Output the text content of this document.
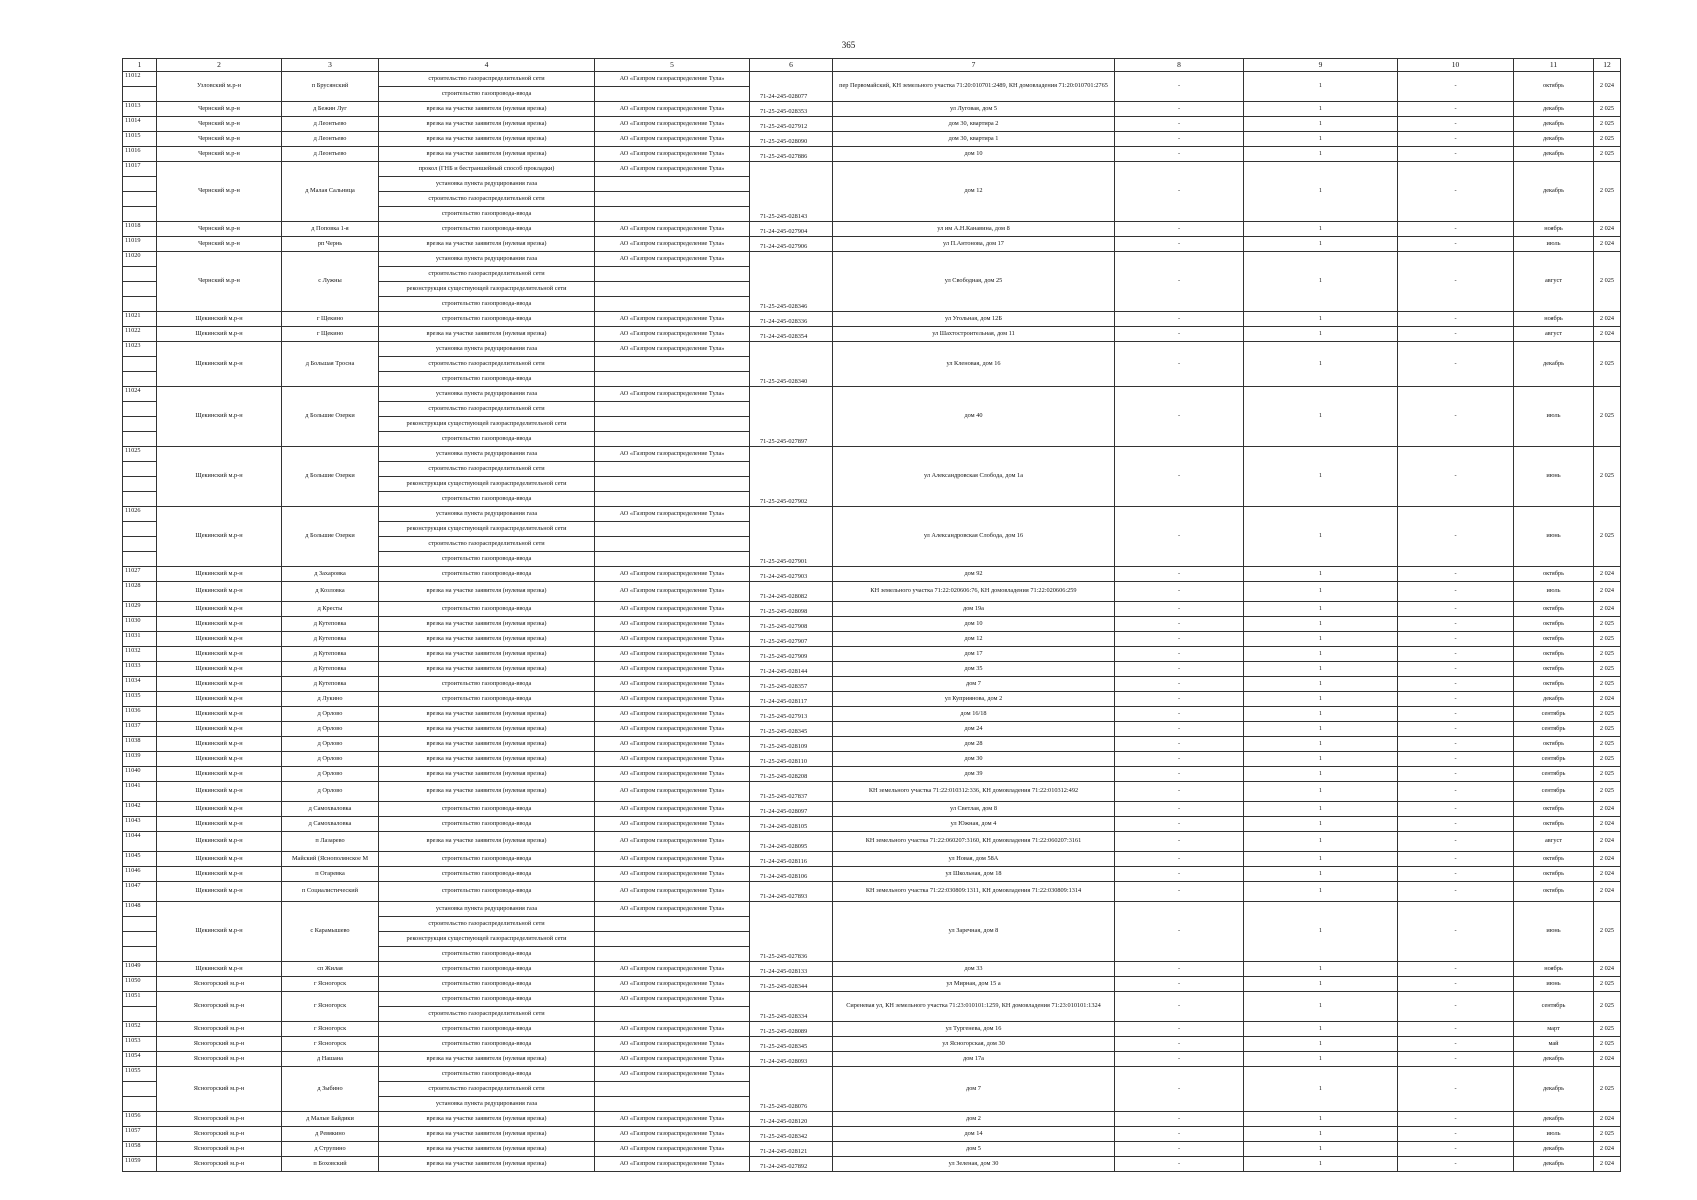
365
1	2	3	4	5	6	7	8	9	10	11	12
11012	Узловский м.р-н	п Брусянский	строительство газораспределительной сети	АО «Газпром газораспределение Тула»	71-24-245-028077	пер Первомайский, КН земельного участка 71:20:010701:2489, КН домовладения 71:20:010701:2765	-	1	-	октябрь	2 024
			строительство газопровода-ввода								
11013	Чернский м.р-н	д Бежин Луг	врезка на участке заявителя (нулевая врезка)	АО «Газпром газораспределение Тула»	71-25-245-028353	ул Луговая, дом 5	-	1	-	декабрь	2 025
11014	Чернский м.р-н	д Леонтьево	врезка на участке заявителя (нулевая врезка)	АО «Газпром газораспределение Тула»	71-25-245-027912	дом 30, квартира 2	-	1	-	декабрь	2 025
11015	Чернский м.р-н	д Леонтьево	врезка на участке заявителя (нулевая врезка)	АО «Газпром газораспределение Тула»	71-25-245-028090	дом 30, квартира 1	-	1	-	декабрь	2 025
11016	Чернский м.р-н	д Леонтьево	врезка на участке заявителя (нулевая врезка)	АО «Газпром газораспределение Тула»	71-25-245-027886	дом 10	-	1	-	декабрь	2 025
11017	Чернский м.р-н	д Малая Сальница	прокол (ГНБ и бестраншейный способ прокладки)	АО «Газпром газораспределение Тула»	71-25-245-028143	дом 12	-	1	-	декабрь	2 025
			установка пункта редуцирования газа								
			строительство газораспределительной сети								
			строительство газопровода-ввода								
11018	Чернский м.р-н	д Поповка 1-я	строительство газопровода-ввода	АО «Газпром газораспределение Тула»	71-24-245-027904	ул им А.Н.Канавина, дом 8	-	1	-	ноябрь	2 024
11019	Чернский м.р-н	рп Чернь	врезка на участке заявителя (нулевая врезка)	АО «Газпром газораспределение Тула»	71-24-245-027906	ул П.Антонова, дом 17	-	1	-	июль	2 024
11020	Чернский м.р-н	с Лужны	установка пункта редуцирования газа	АО «Газпром газораспределение Тула»	71-25-245-028346	ул Свободная, дом 25	-	1	-	август	2 025
			строительство газораспределительной сети								
			реконструкция существующей газораспределительной сети								
			строительство газопровода-ввода								
11021	Щекинский м.р-н	г Щекино	строительство газопровода-ввода	АО «Газпром газораспределение Тула»	71-24-245-028336	ул Угольная, дом 12Б	-	1	-	ноябрь	2 024
11022	Щекинский м.р-н	г Щекино	врезка на участке заявителя (нулевая врезка)	АО «Газпром газораспределение Тула»	71-24-245-028354	ул Шахтостроительная, дом 11	-	1	-	август	2 024
11023	Щекинский м.р-н	д Большая Тросна	установка пункта редуцирования газа	АО «Газпром газораспределение Тула»	71-25-245-028340	ул Кленовая, дом 16	-	1	-	декабрь	2 025
			строительство газораспределительной сети								
			строительство газопровода-ввода								
11024	Щекинский м.р-н	д Большие Озерки	установка пункта редуцирования газа	АО «Газпром газораспределение Тула»	71-25-245-027897	дом 40	-	1	-	июль	2 025
			строительство газораспределительной сети								
			реконструкция существующей газораспределительной сети								
			строительство газопровода-ввода								
11025	Щекинский м.р-н	д Большие Озерки	установка пункта редуцирования газа	АО «Газпром газораспределение Тула»	71-25-245-027902	ул Александровская Слобода, дом 1а	-	1	-	июнь	2 025
			строительство газораспределительной сети								
			реконструкция существующей газораспределительной сети								
			строительство газопровода-ввода								
11026	Щекинский м.р-н	д Большие Озерки	установка пункта редуцирования газа	АО «Газпром газораспределение Тула»	71-25-245-027901	ул Александровская Слобода, дом 16	-	1	-	июнь	2 025
			реконструкция существующей газораспределительной сети								
			строительство газораспределительной сети								
			строительство газопровода-ввода								
11027	Щекинский м.р-н	д Захаровка	строительство газопровода-ввода	АО «Газпром газораспределение Тула»	71-24-245-027903	дом 92	-	1	-	октябрь	2 024
11028	Щекинский м.р-н	д Козловка	врезка на участке заявителя (нулевая врезка)	АО «Газпром газораспределение Тула»	71-24-245-028082	КН земельного участка 71:22:020606:76, КН домовладения 71:22:020606:259	-	1	-	июль	2 024
11029	Щекинский м.р-н	д Кресты	строительство газопровода-ввода	АО «Газпром газораспределение Тула»	71-25-245-028098	дом 19а	-	1	-	октябрь	2 024
11030	Щекинский м.р-н	д Кутеповка	врезка на участке заявителя (нулевая врезка)	АО «Газпром газораспределение Тула»	71-25-245-027908	дом 10	-	1	-	октябрь	2 025
11031	Щекинский м.р-н	д Кутеповка	врезка на участке заявителя (нулевая врезка)	АО «Газпром газораспределение Тула»	71-25-245-027907	дом 12	-	1	-	октябрь	2 025
11032	Щекинский м.р-н	д Кутеповка	врезка на участке заявителя (нулевая врезка)	АО «Газпром газораспределение Тула»	71-25-245-027909	дом 17	-	1	-	октябрь	2 025
11033	Щекинский м.р-н	д Кутеповка	врезка на участке заявителя (нулевая врезка)	АО «Газпром газораспределение Тула»	71-24-245-028144	дом 35	-	1	-	октябрь	2 025
11034	Щекинский м.р-н	д Кутеповка	строительство газопровода-ввода	АО «Газпром газораспределение Тула»	71-25-245-028357	дом 7	-	1	-	октябрь	2 025
11035	Щекинский м.р-н	д Лукино	строительство газопровода-ввода	АО «Газпром газораспределение Тула»	71-24-245-028117	ул Куприянова, дом 2	-	1	-	декабрь	2 024
11036	Щекинский м.р-н	д Орлово	врезка на участке заявителя (нулевая врезка)	АО «Газпром газораспределение Тула»	71-25-245-027913	дом 16/18	-	1	-	сентябрь	2 025
11037	Щекинский м.р-н	д Орлово	врезка на участке заявителя (нулевая врезка)	АО «Газпром газораспределение Тула»	71-25-245-028345	дом 24	-	1	-	сентябрь	2 025
11038	Щекинский м.р-н	д Орлово	врезка на участке заявителя (нулевая врезка)	АО «Газпром газораспределение Тула»	71-25-245-028109	дом 28	-	1	-	октябрь	2 025
11039	Щекинский м.р-н	д Орлово	врезка на участке заявителя (нулевая врезка)	АО «Газпром газораспределение Тула»	71-25-245-028110	дом 30	-	1	-	сентябрь	2 025
11040	Щекинский м.р-н	д Орлово	врезка на участке заявителя (нулевая врезка)	АО «Газпром газораспределение Тула»	71-25-245-028208	дом 39	-	1	-	сентябрь	2 025
11041	Щекинский м.р-н	д Орлово	врезка на участке заявителя (нулевая врезка)	АО «Газпром газораспределение Тула»	71-25-245-027837	КН земельного участка 71:22:010312:336, КН домовладения 71:22:010312:492	-	1	-	сентябрь	2 025
11042	Щекинский м.р-н	д Самохваловка	строительство газопровода-ввода	АО «Газпром газораспределение Тула»	71-24-245-028097	ул Светлая, дом 8	-	1	-	октябрь	2 024
11043	Щекинский м.р-н	д Самохваловка	строительство газопровода-ввода	АО «Газпром газораспределение Тула»	71-24-245-028105	ул Южная, дом 4	-	1	-	октябрь	2 024
11044	Щекинский м.р-н	п Лазарево	врезка на участке заявителя (нулевая врезка)	АО «Газпром газораспределение Тула»	71-24-245-028095	КН земельного участка 71:22:060207:3160, КН домовладения 71:22:060207:3161	-	1	-	август	2 024
11045	Щекинский м.р-н	Майский (Яснополянское М	строительство газопровода-ввода	АО «Газпром газораспределение Тула»	71-24-245-028116	ул Новая, дом 58А	-	1	-	октябрь	2 024
11046	Щекинский м.р-н	п Огаревка	строительство газопровода-ввода	АО «Газпром газораспределение Тула»	71-24-245-028106	ул Школьная, дом 18	-	1	-	октябрь	2 024
11047	Щекинский м.р-н	п Социалистический	строительство газопровода-ввода	АО «Газпром газораспределение Тула»	71-24-245-027893	КН земельного участка 71:22:030809:1311, КН домовладения 71:22:030809:1314	-	1	-	октябрь	2 024
11048	Щекинский м.р-н	с Карамышево	установка пункта редуцирования газа	АО «Газпром газораспределение Тула»	71-25-245-027836	ул Заречная, дом 8	-	1	-	июнь	2 025
			строительство газораспределительной сети								
			реконструкция существующей газораспределительной сети								
			строительство газопровода-ввода								
11049	Щекинский м.р-н	сп Жилая	строительство газопровода-ввода	АО «Газпром газораспределение Тула»	71-24-245-028133	дом 33	-	1	-	ноябрь	2 024
11050	Ясногорский м.р-н	г Ясногорск	строительство газопровода-ввода	АО «Газпром газораспределение Тула»	71-25-245-028344	ул Мирная, дом 15 а	-	1	-	июнь	2 025
11051	Ясногорский м.р-н	г Ясногорск	строительство газопровода-ввода	АО «Газпром газораспределение Тула»	71-25-245-028334	Сиреневая ул, КН земельного участка 71:23:010101:1259, КН домовладения 71:23:010101:1324	-	1	-	сентябрь	2 025
			строительство газораспределительной сети								
11052	Ясногорский м.р-н	г Ясногорск	строительство газопровода-ввода	АО «Газпром газораспределение Тула»	71-25-245-028089	ул Тургенева, дом 16	-	1	-	март	2 025
11053	Ясногорский м.р-н	г Ясногорск	строительство газопровода-ввода	АО «Газпром газораспределение Тула»	71-25-245-028345	ул Ясногорская, дом 30	-	1	-	май	2 025
11054	Ясногорский м.р-н	д Нашана	врезка на участке заявителя (нулевая врезка)	АО «Газпром газораспределение Тула»	71-24-245-028093	дом 17а	-	1	-	декабрь	2 024
11055	Ясногорский м.р-н	д Зыбино	строительство газопровода-ввода	АО «Газпром газораспределение Тула»	71-25-245-028076	дом 7	-	1	-	декабрь	2 025
			строительство газораспределительной сети								
			установка пункта редуцирования газа								
11056	Ясногорский м.р-н	д Малые Байдики	врезка на участке заявителя (нулевая врезка)	АО «Газпром газораспределение Тула»	71-24-245-028120	дом 2	-	1	-	декабрь	2 024
11057	Ясногорский м.р-н	д Ревякино	врезка на участке заявителя (нулевая врезка)	АО «Газпром газораспределение Тула»	71-25-245-028342	дом 14	-	1	-	июль	2 025
11058	Ясногорский м.р-н	д Струпино	врезка на участке заявителя (нулевая врезка)	АО «Газпром газораспределение Тула»	71-24-245-028121	дом 5	-	1	-	декабрь	2 024
11059	Ясногорский м.р-н	п Боховский	врезка на участке заявителя (нулевая врезка)	АО «Газпром газораспределение Тула»	71-24-245-027892	ул Зеленая, дом 30	-	1	-	декабрь	2 024
